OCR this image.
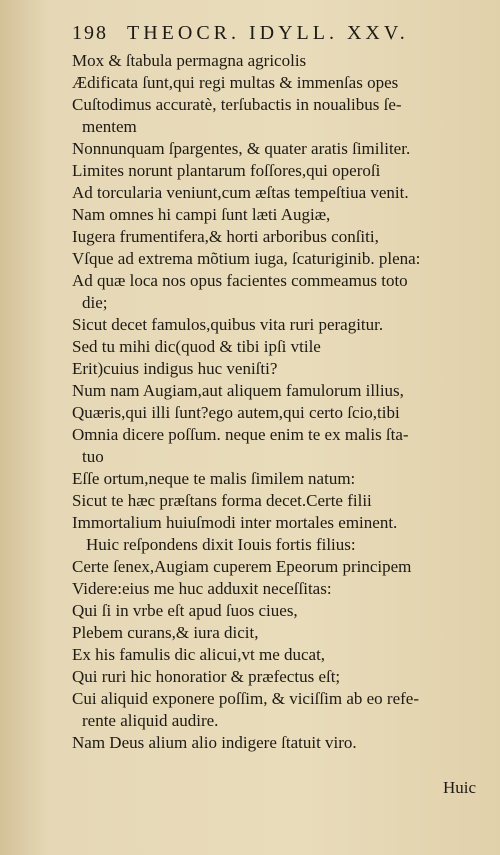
198 THEOCR. IDYLL. XXV.
Mox & ſtabula permagna agricolis
Ædificata ſunt,qui regi multas & immenſas opes
Cuſtodimus accuratè, terſubactis in noualibus ſe-
mentem
Nonnunquam ſpargentes, & quater aratis ſimiliter.
Limites norunt plantarum foſſores,qui operoſi
Ad torcularia veniunt,cum æſtas tempeſtiua venit.
Nam omnes hi campi ſunt læti Augiæ,
Iugera frumentifera,& horti arboribus conſiti,
Vſque ad extrema mõtium iuga, ſcaturiginib. plena:
Ad quæ loca nos opus facientes commeamus toto
die;
Sicut decet famulos,quibus vita ruri peragitur.
Sed tu mihi dic(quod & tibi ipſi vtile
Erit)cuius indigus huc veniſti?
Num nam Augiam,aut aliquem famulorum illius,
Quæris,qui illi ſunt?ego autem,qui certo ſcio,tibi
Omnia dicere poſſum. neque enim te ex malis ſta-
tuo
Eſſe ortum,neque te malis ſimilem natum:
Sicut te hæc præſtans forma decet.Certe filii
Immortalium huiuſmodi inter mortales eminent.
Huic reſpondens dixit Iouis fortis filius:
Certe ſenex,Augiam cuperem Epeorum principem
Videre:eius me huc adduxit neceſſitas:
Qui ſi in vrbe eſt apud ſuos ciues,
Plebem curans,& iura dicit,
Ex his famulis dic alicui,vt me ducat,
Qui ruri hic honoratior & præfectus eſt;
Cui aliquid exponere poſſim, & viciſſim ab eo refe-
rente aliquid audire.
Nam Deus alium alio indigere ſtatuit viro.
Huic
